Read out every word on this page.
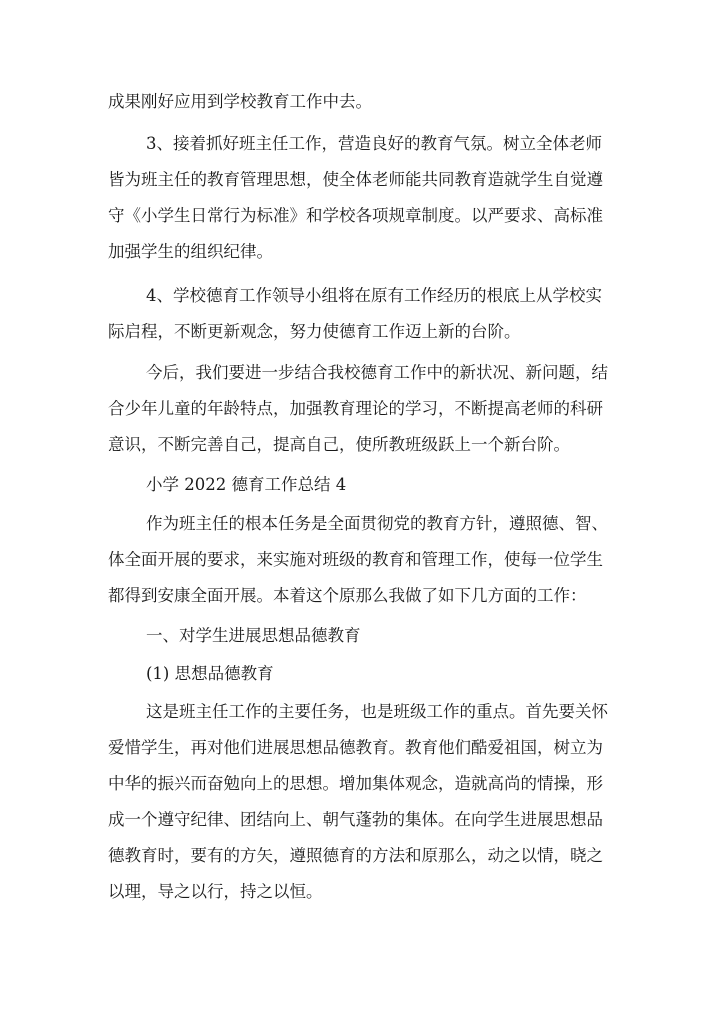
成果刚好应用到学校教育工作中去。
3、接着抓好班主任工作，营造良好的教育气氛。树立全体老师
皆为班主任的教育管理思想，使全体老师能共同教育造就学生自觉遵
守《小学生日常行为标准》和学校各项规章制度。以严要求、高标准
加强学生的组织纪律。
4、学校德育工作领导小组将在原有工作经历的根底上从学校实
际启程，不断更新观念，努力使德育工作迈上新的台阶。
今后，我们要进一步结合我校德育工作中的新状况、新问题，结
合少年儿童的年龄特点，加强教育理论的学习，不断提高老师的科研
意识，不断完善自己，提高自己，使所教班级跃上一个新台阶。
小学 2022 德育工作总结 4
作为班主任的根本任务是全面贯彻党的教育方针，遵照德、智、
体全面开展的要求，来实施对班级的教育和管理工作，使每一位学生
都得到安康全面开展。本着这个原那么我做了如下几方面的工作：
一、对学生进展思想品德教育
(1) 思想品德教育
这是班主任工作的主要任务，也是班级工作的重点。首先要关怀
爱惜学生，再对他们进展思想品德教育。教育他们酷爱祖国，树立为
中华的振兴而奋勉向上的思想。增加集体观念，造就高尚的情操，形
成一个遵守纪律、团结向上、朝气蓬勃的集体。在向学生进展思想品
德教育时，要有的方矢，遵照德育的方法和原那么，动之以情，晓之
以理，导之以行，持之以恒。
